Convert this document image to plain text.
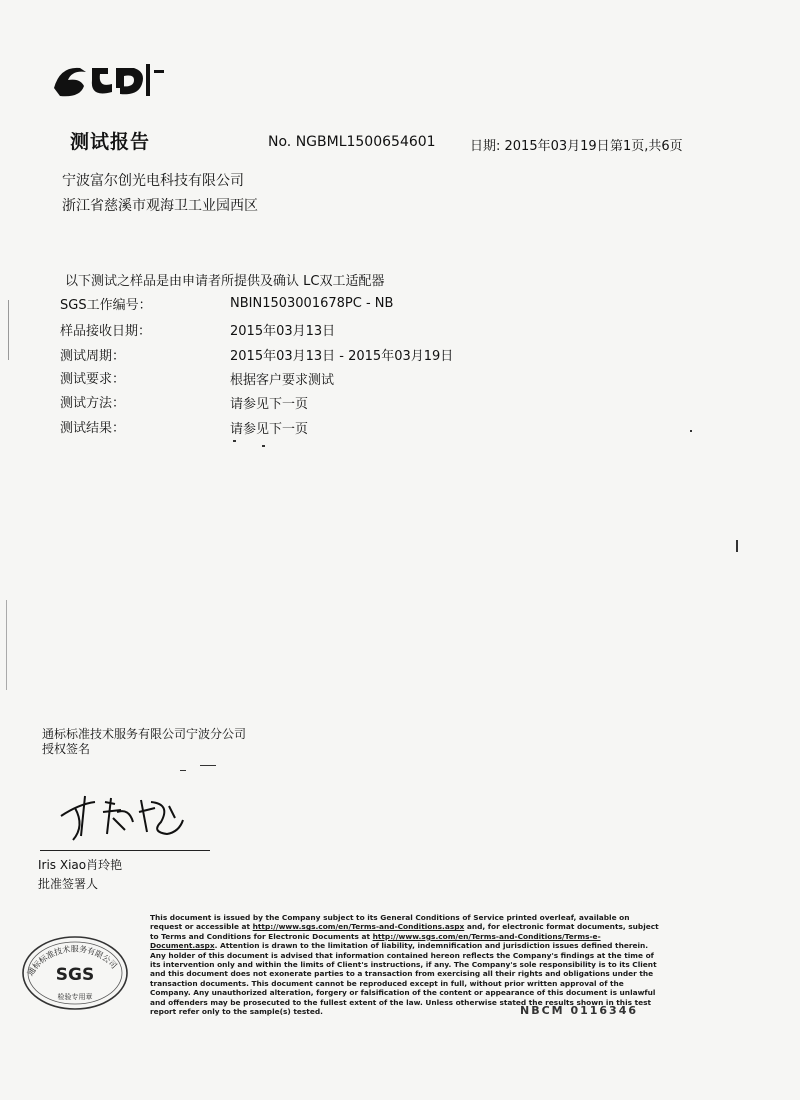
测试报告	No. NGBML1500654601	日期: 2015年03月19日 第1页,共6页
宁波富尔创光电科技有限公司
浙江省慈溪市观海卫工业园西区
以下测试之样品是由申请者所提供及确认 LC双工适配器
SGS工作编号：	NBIN1503001678PC - NB
样品接收日期：	2015年03月13日
测试周期：	2015年03月13日 - 2015年03月19日
测试要求：	根据客户要求测试
测试方法：	请参见下一页
测试结果：	请参见下一页
通标标准技术服务有限公司宁波分公司
授权签名
Iris Xiao肖玲艳
批准签署人
通标标准技术服务有限公司
SGS
检验专用章
This document is issued by the Company subject to its General Conditions of Service printed overleaf, available on request or accessible at http://www.sgs.com/en/Terms-and-Conditions.aspx and, for electronic format documents, subject to Terms and Conditions for Electronic Documents at http://www.sgs.com/en/Terms-and-Conditions/Terms-e-Document.aspx. Attention is drawn to the limitation of liability, indemnification and jurisdiction issues defined therein. Any holder of this document is advised that information contained hereon reflects the Company's findings at the time of its intervention only and within the limits of Client's instructions, if any. The Company's sole responsibility is to its Client and this document does not exonerate parties to a transaction from exercising all their rights and obligations under the transaction documents. This document cannot be reproduced except in full, without prior written approval of the Company. Any unauthorized alteration, forgery or falsification of the content or appearance of this document is unlawful and offenders may be prosecuted to the fullest extent of the law. Unless otherwise stated the results shown in this test report refer only to the sample(s) tested.	NBCM 0116346
